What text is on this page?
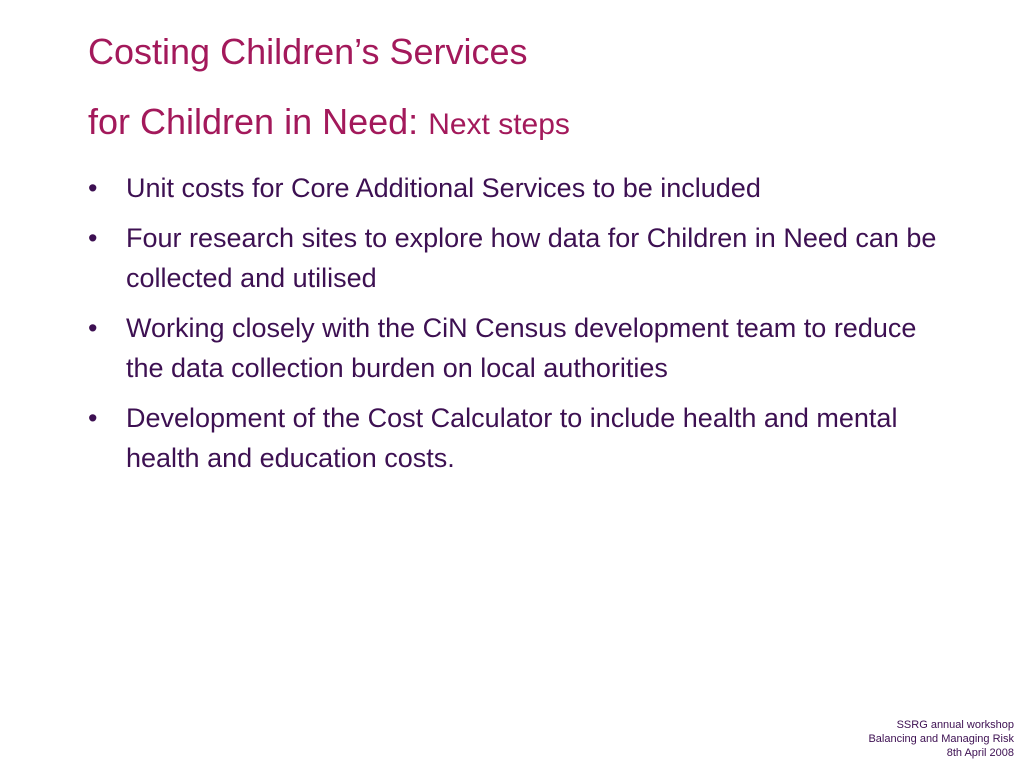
Costing Children’s Services
for Children in Need: Next steps
•	Unit costs for Core Additional Services to be included
•	Four research sites to explore how data for Children in Need can be collected and utilised
•	Working closely with the CiN Census development team to reduce the data collection burden on local authorities
•	Development of the Cost Calculator to include health and mental health and education costs.
SSRG annual workshop
Balancing and Managing Risk
8th April 2008
